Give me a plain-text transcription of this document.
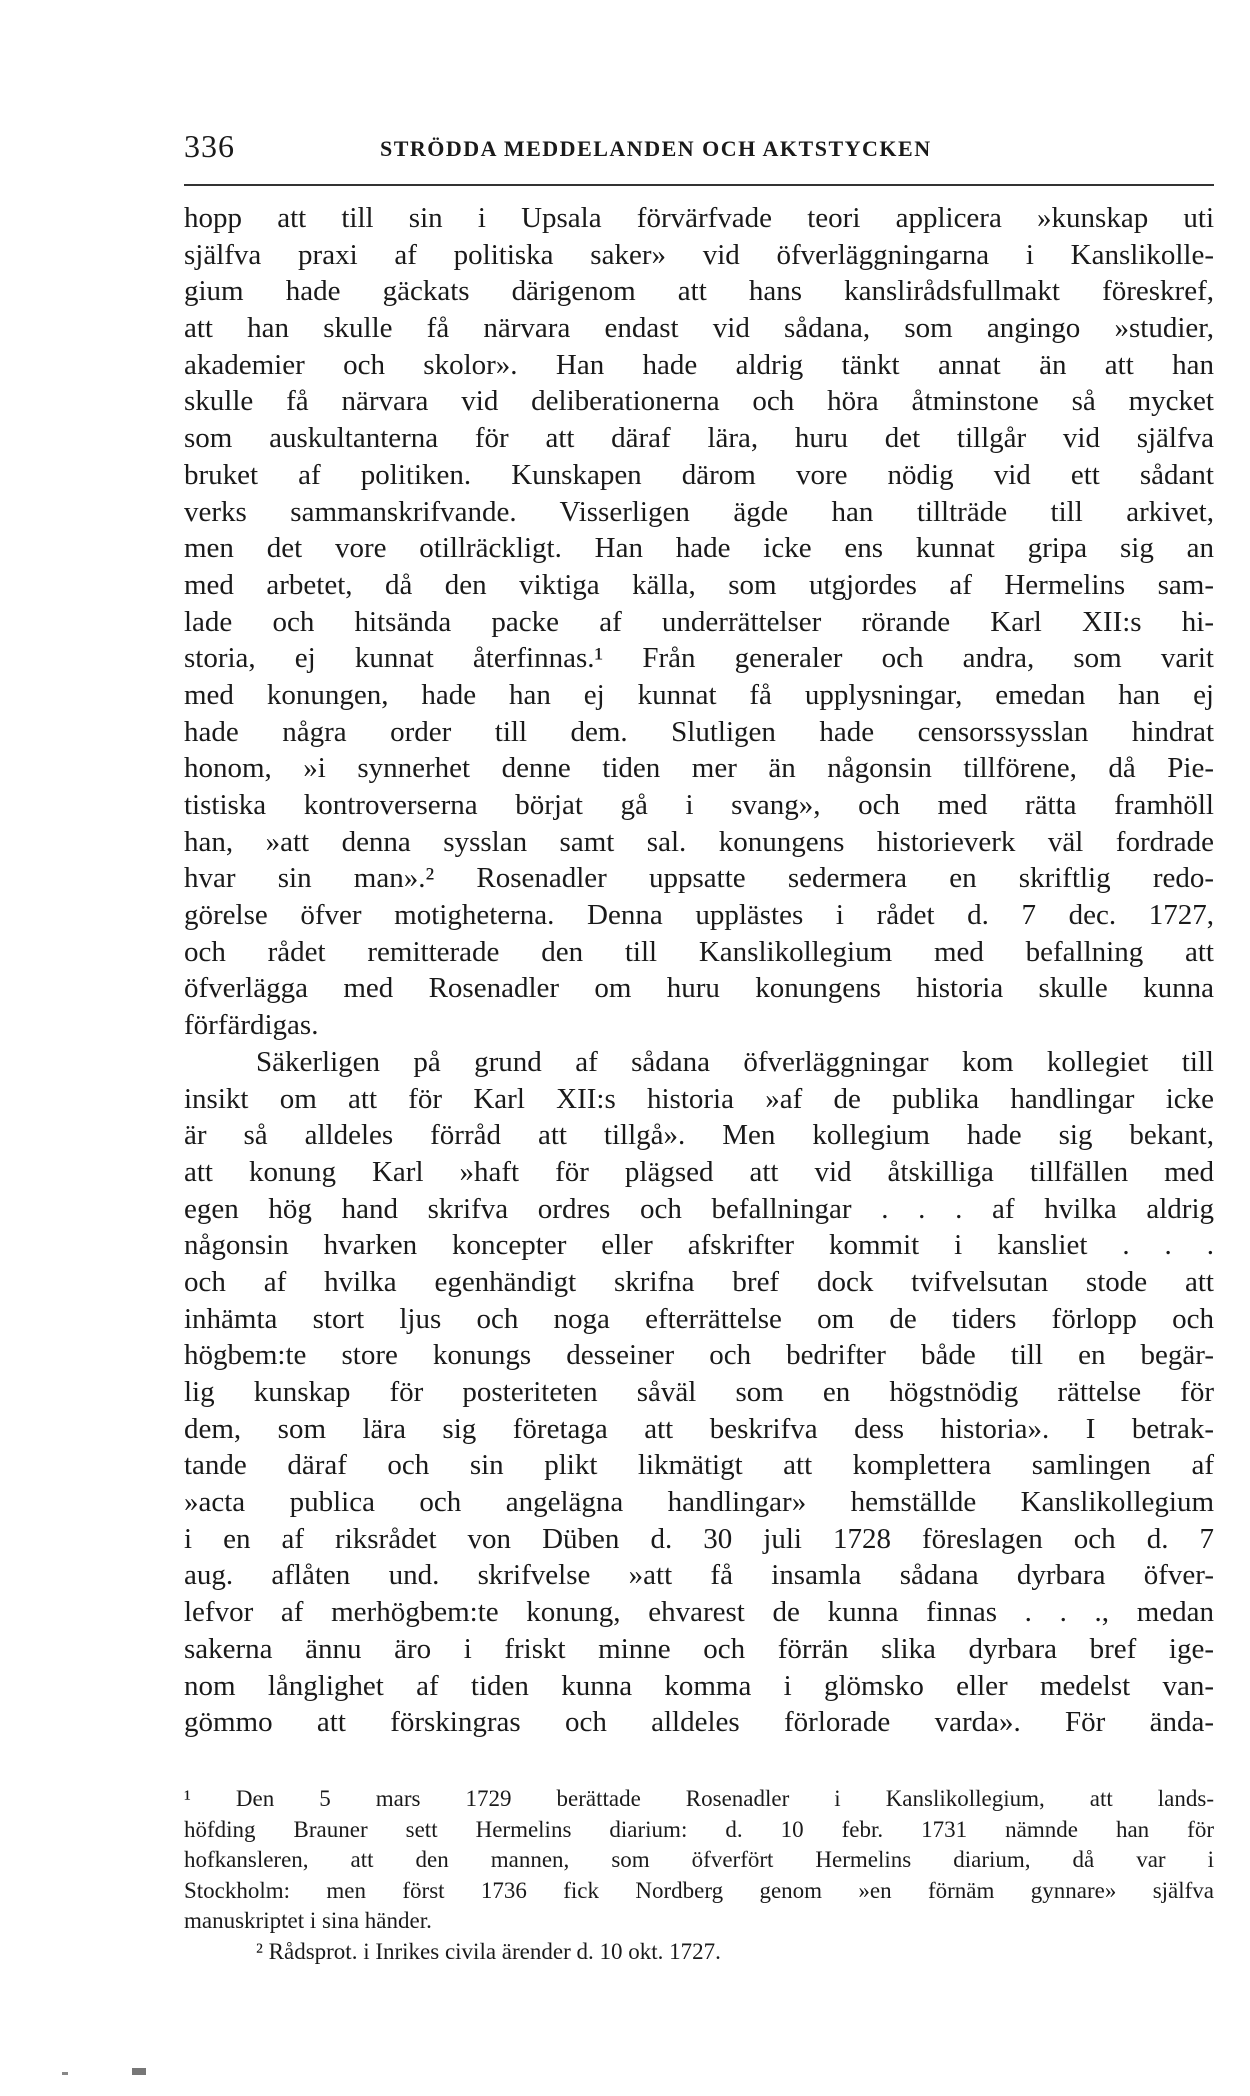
336	STRÖDDA MEDDELANDEN OCH AKTSTYCKEN
hopp att till sin i Upsala förvärfvade teori applicera »kunskap uti
själfva praxi af politiska saker» vid öfverläggningarna i Kanslikolle-
gium hade gäckats därigenom att hans kanslirådsfullmakt föreskref,
att han skulle få närvara endast vid sådana, som angingo »studier,
akademier och skolor». Han hade aldrig tänkt annat än att han
skulle få närvara vid deliberationerna och höra åtminstone så mycket
som auskultanterna för att däraf lära, huru det tillgår vid själfva
bruket af politiken. Kunskapen därom vore nödig vid ett sådant
verks sammanskrifvande. Visserligen ägde han tillträde till arkivet,
men det vore otillräckligt. Han hade icke ens kunnat gripa sig an
med arbetet, då den viktiga källa, som utgjordes af Hermelins sam-
lade och hitsända packe af underrättelser rörande Karl XII:s hi-
storia, ej kunnat återfinnas.¹ Från generaler och andra, som varit
med konungen, hade han ej kunnat få upplysningar, emedan han ej
hade några order till dem. Slutligen hade censorssysslan hindrat
honom, »i synnerhet denne tiden mer än någonsin tillförene, då Pie-
tistiska kontroverserna börjat gå i svang», och med rätta framhöll
han, »att denna sysslan samt sal. konungens historieverk väl fordrade
hvar sin man».² Rosenadler uppsatte sedermera en skriftlig redo-
görelse öfver motigheterna. Denna upplästes i rådet d. 7 dec. 1727,
och rådet remitterade den till Kanslikollegium med befallning att
öfverlägga med Rosenadler om huru konungens historia skulle kunna
förfärdigas.
Säkerligen på grund af sådana öfverläggningar kom kollegiet till
insikt om att för Karl XII:s historia »af de publika handlingar icke
är så alldeles förråd att tillgå». Men kollegium hade sig bekant,
att konung Karl »haft för plägsed att vid åtskilliga tillfällen med
egen hög hand skrifva ordres och befallningar . . . af hvilka aldrig
någonsin hvarken koncepter eller afskrifter kommit i kansliet . . .
och af hvilka egenhändigt skrifna bref dock tvifvelsutan stode att
inhämta stort ljus och noga efterrättelse om de tiders förlopp och
högbem:te store konungs desseiner och bedrifter både till en begär-
lig kunskap för posteriteten såväl som en högstnödig rättelse för
dem, som lära sig företaga att beskrifva dess historia». I betrak-
tande däraf och sin plikt likmätigt att komplettera samlingen af
»acta publica och angelägna handlingar» hemställde Kanslikollegium
i en af riksrådet von Düben d. 30 juli 1728 föreslagen och d. 7
aug. aflåten und. skrifvelse »att få insamla sådana dyrbara öfver-
lefvor af merhögbem:te konung, ehvarest de kunna finnas . . ., medan
sakerna ännu äro i friskt minne och förrän slika dyrbara bref ige-
nom långlighet af tiden kunna komma i glömsko eller medelst van-
gömmo att förskingras och alldeles förlorade varda». För ända-
¹ Den 5 mars 1729 berättade Rosenadler i Kanslikollegium, att lands-
höfding Brauner sett Hermelins diarium: d. 10 febr. 1731 nämnde han för
hofkansleren, att den mannen, som öfverfört Hermelins diarium, då var i
Stockholm: men först 1736 fick Nordberg genom »en förnäm gynnare» själfva
manuskriptet i sina händer.
² Rådsprot. i Inrikes civila ärender d. 10 okt. 1727.
